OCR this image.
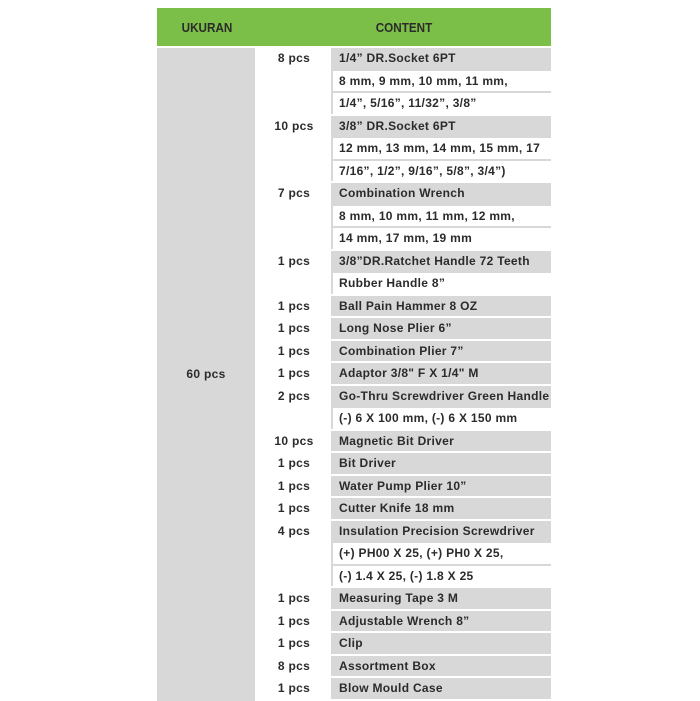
UKURAN	CONTENT
60 pcs
8 pcs	1/4” DR.Socket 6PT
8 mm, 9 mm, 10 mm, 11 mm,
1/4”, 5/16”, 11/32”, 3/8”
10 pcs	3/8” DR.Socket 6PT
12 mm, 13 mm, 14 mm, 15 mm, 17
7/16”, 1/2”, 9/16”, 5/8”, 3/4”)
7 pcs	Combination Wrench
8 mm, 10 mm, 11 mm, 12 mm,
14 mm, 17 mm, 19 mm
1 pcs	3/8”DR.Ratchet Handle 72 Teeth
Rubber Handle 8”
1 pcs	Ball Pain Hammer 8 OZ
1 pcs	Long Nose Plier 6”
1 pcs	Combination Plier 7”
1 pcs	Adaptor 3/8" F X 1/4" M
2 pcs	Go-Thru Screwdriver Green Handle
(-) 6 X 100 mm, (-) 6 X 150 mm
10 pcs	Magnetic Bit Driver
1 pcs	Bit Driver
1 pcs	Water Pump Plier 10”
1 pcs	Cutter Knife 18 mm
4 pcs	Insulation Precision Screwdriver
(+) PH00 X 25, (+) PH0 X 25,
(-) 1.4 X 25, (-) 1.8 X 25
1 pcs	Measuring Tape 3 M
1 pcs	Adjustable Wrench 8”
1 pcs	Clip
8 pcs	Assortment Box
1 pcs	Blow Mould Case
